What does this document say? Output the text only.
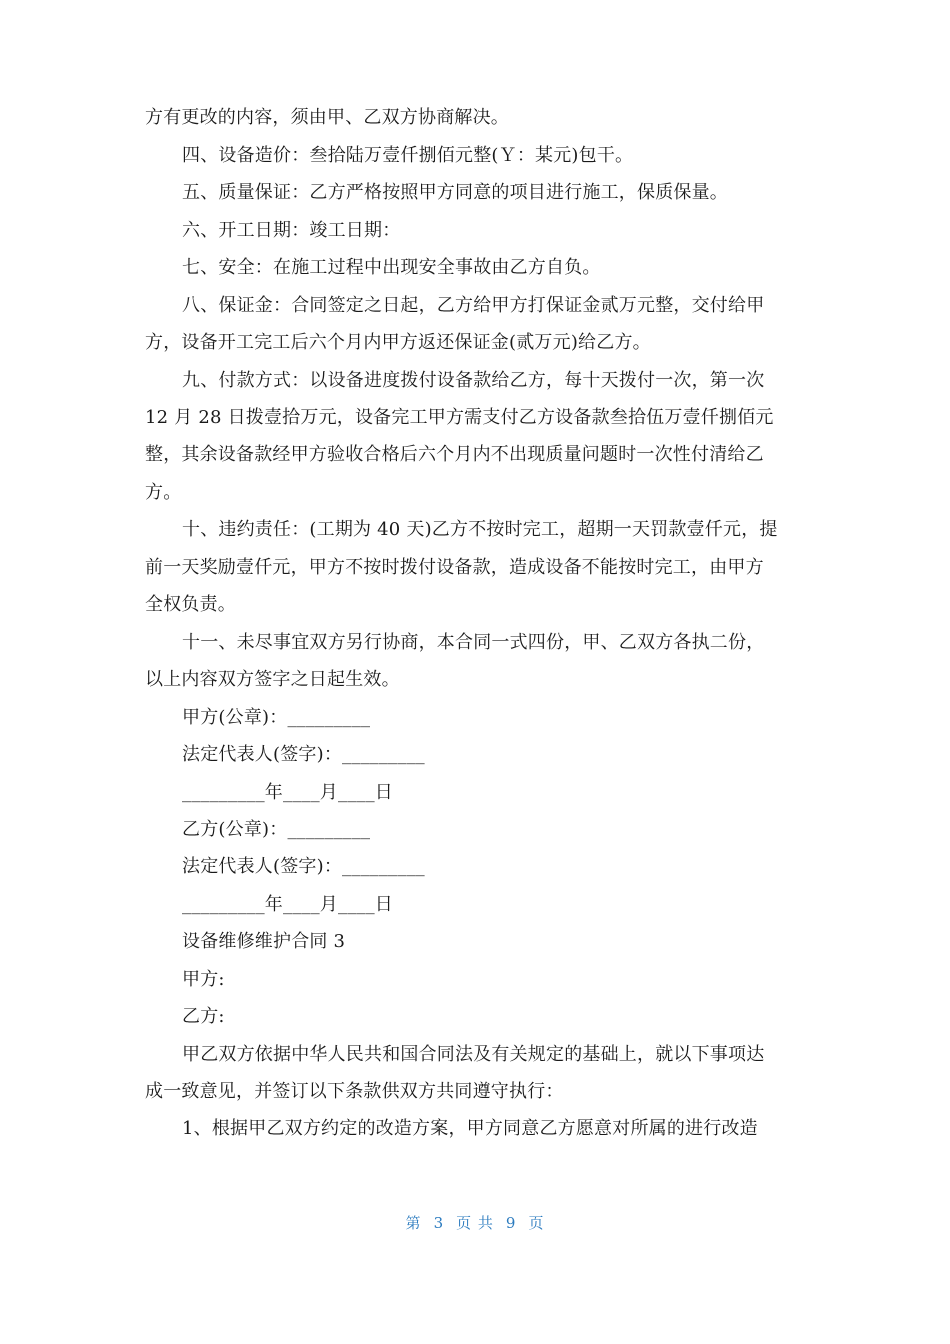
方有更改的内容，须由甲、乙双方协商解决。
四、设备造价：叁拾陆万壹仟捌佰元整(Ｙ：某元)包干。
五、质量保证：乙方严格按照甲方同意的项目进行施工，保质保量。
六、开工日期：竣工日期：
七、安全：在施工过程中出现安全事故由乙方自负。
八、保证金：合同签定之日起，乙方给甲方打保证金贰万元整，交付给甲
方，设备开工完工后六个月内甲方返还保证金(贰万元)给乙方。
九、付款方式：以设备进度拨付设备款给乙方，每十天拨付一次，第一次
12 月 28 日拨壹拾万元，设备完工甲方需支付乙方设备款叁拾伍万壹仟捌佰元
整，其余设备款经甲方验收合格后六个月内不出现质量问题时一次性付清给乙
方。
十、违约责任：(工期为 40 天)乙方不按时完工，超期一天罚款壹仟元，提
前一天奖励壹仟元，甲方不按时拨付设备款，造成设备不能按时完工，由甲方
全权负责。
十一、未尽事宜双方另行协商，本合同一式四份，甲、乙双方各执二份，
以上内容双方签字之日起生效。
甲方(公章)：_________
法定代表人(签字)：_________
_________年____月____日
乙方(公章)：_________
法定代表人(签字)：_________
_________年____月____日
设备维修维护合同 3
甲方:
乙方:
甲乙双方依据中华人民共和国合同法及有关规定的基础上，就以下事项达
成一致意见，并签订以下条款供双方共同遵守执行：
1、根据甲乙双方约定的改造方案，甲方同意乙方愿意对所属的进行改造
第 3 页 共 9 页
